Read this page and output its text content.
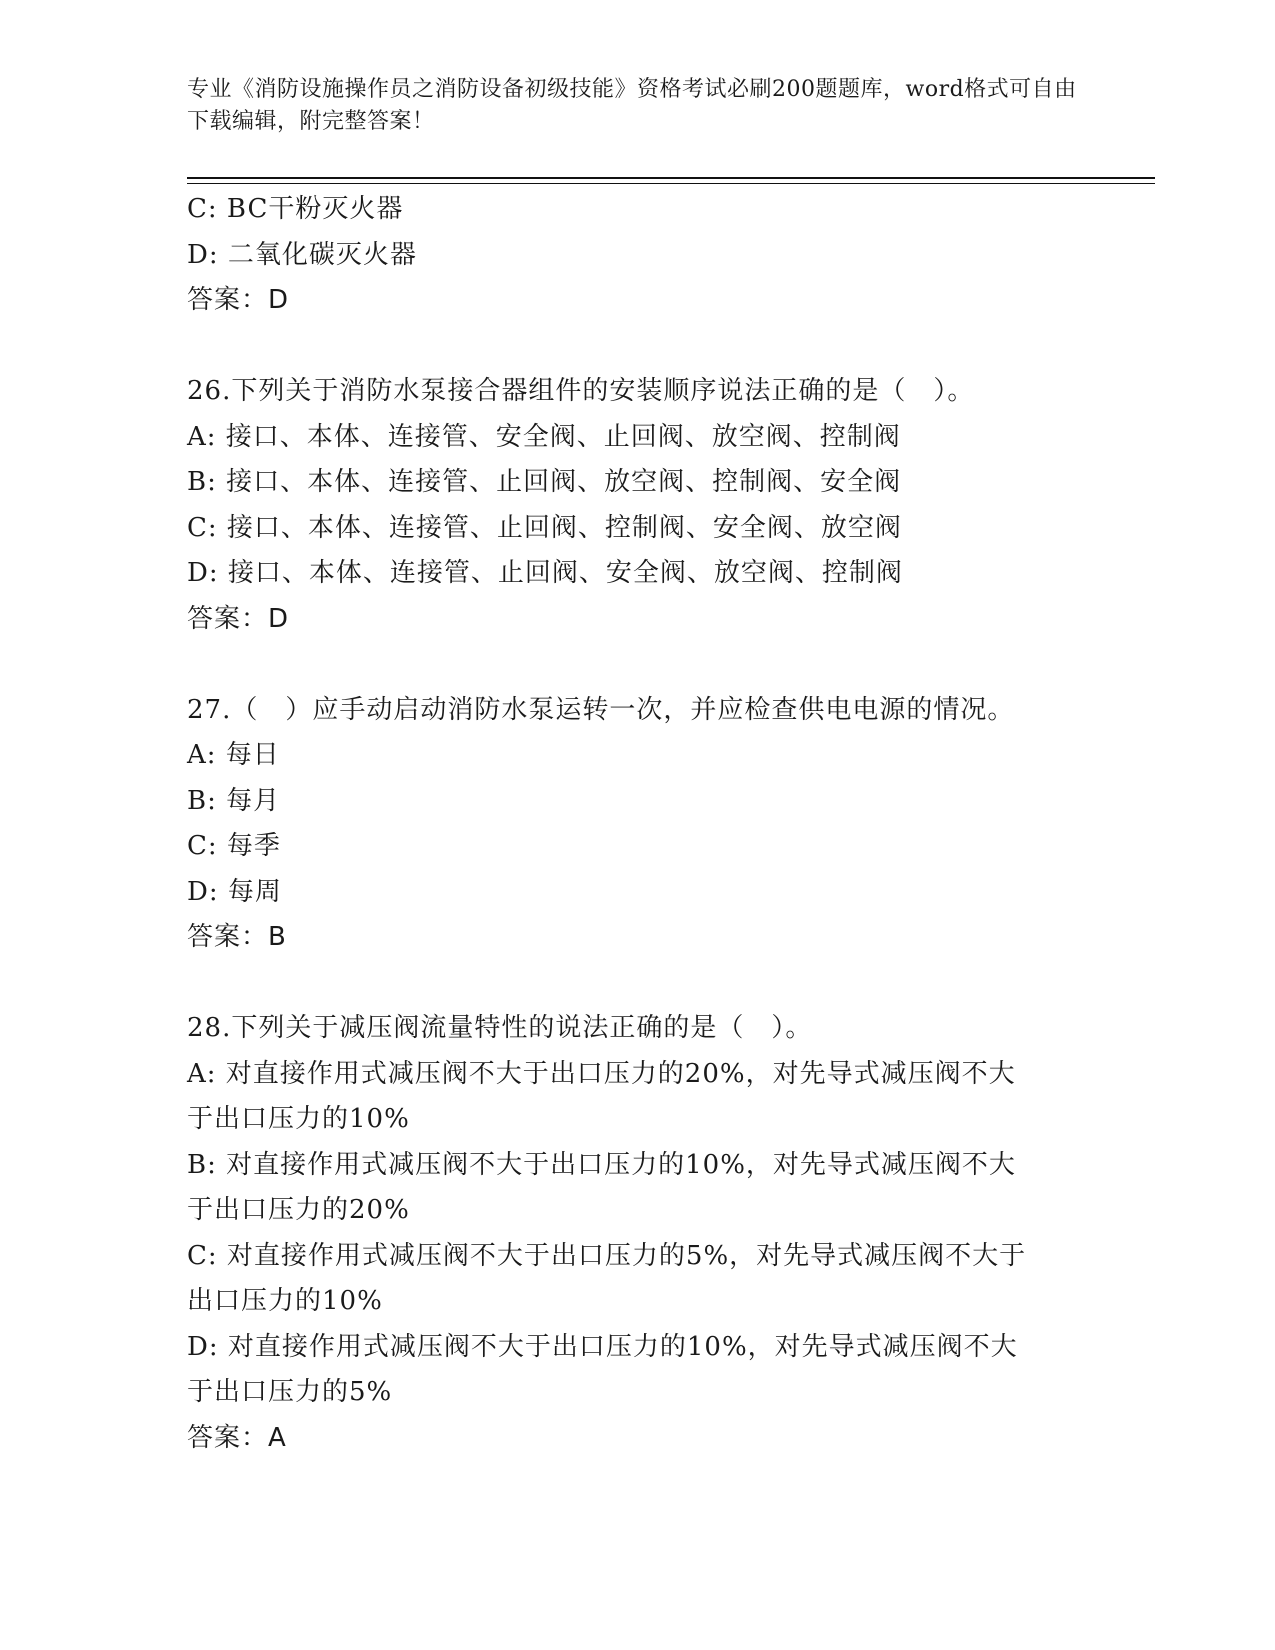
专业《消防设施操作员之消防设备初级技能》资格考试必刷200题题库，word格式可自由下载编辑，附完整答案！
C: BC干粉灭火器
D: 二氧化碳灭火器
答案：D
26.下列关于消防水泵接合器组件的安装顺序说法正确的是（　）。
A: 接口、本体、连接管、安全阀、止回阀、放空阀、控制阀
B: 接口、本体、连接管、止回阀、放空阀、控制阀、安全阀
C: 接口、本体、连接管、止回阀、控制阀、安全阀、放空阀
D: 接口、本体、连接管、止回阀、安全阀、放空阀、控制阀
答案：D
27.（　）应手动启动消防水泵运转一次，并应检查供电电源的情况。
A: 每日
B: 每月
C: 每季
D: 每周
答案：B
28.下列关于减压阀流量特性的说法正确的是（　）。
A: 对直接作用式减压阀不大于出口压力的20%，对先导式减压阀不大
于出口压力的10%
B: 对直接作用式减压阀不大于出口压力的10%，对先导式减压阀不大
于出口压力的20%
C: 对直接作用式减压阀不大于出口压力的5%，对先导式减压阀不大于
出口压力的10%
D: 对直接作用式减压阀不大于出口压力的10%，对先导式减压阀不大
于出口压力的5%
答案：A
